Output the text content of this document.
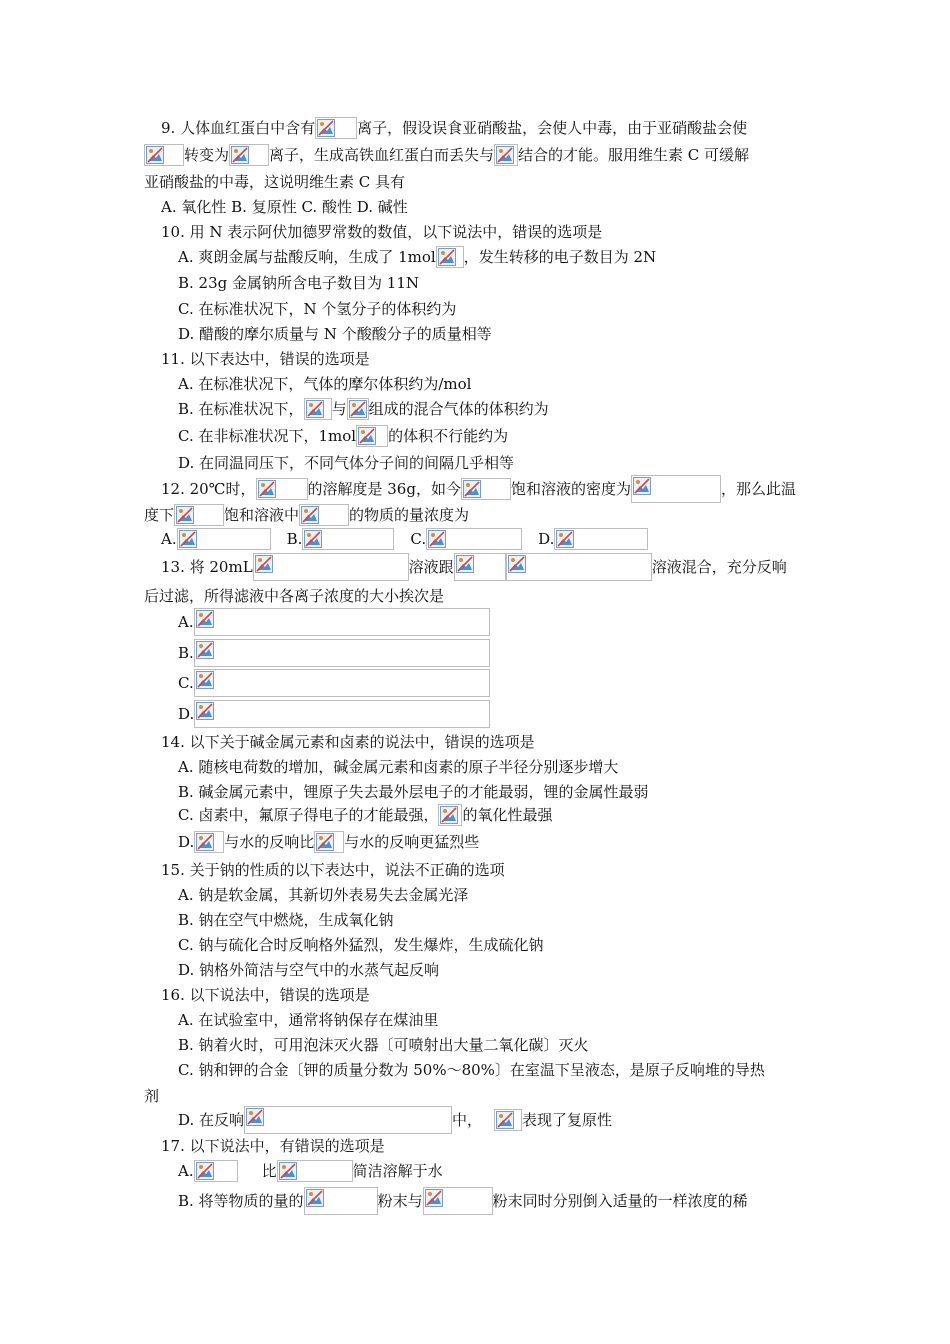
9. 人体血红蛋白中含有	离子，假设误食亚硝酸盐，会使人中毒，由于亚硝酸盐会使
转变为	离子，生成高铁血红蛋白而丢失与 结合的才能。服用维生素 C 可缓解
亚硝酸盐的中毒，这说明维生素 C 具有
A. 氧化性 B. 复原性 C. 酸性 D. 碱性
10. 用 N 表示阿伏加德罗常数的数值，以下说法中，错误的选项是
A. 爽朗金属与盐酸反响，生成了 1mol ，发生转移的电子数目为 2N
B. 23g 金属钠所含电子数目为 11N
C. 在标准状况下，N 个氢分子的体积约为
D. 醋酸的摩尔质量与 N 个酸酸分子的质量相等
11. 以下表达中，错误的选项是
A. 在标准状况下，气体的摩尔体积约为/mol
B. 在标准状况下， 与 组成的混合气体的体积约为
C. 在非标准状况下，1mol 的体积不行能约为
D. 在同温同压下，不同气体分子间的间隔几乎相等
12. 20℃时，	的溶解度是 36g，如今	饱和溶液的密度为	，那么此温
度下	饱和溶液中	的物质的量浓度为
A.	B.	C.	D.
13. 将 20mL	溶液跟	溶液混合，充分反响
后过滤，所得滤液中各离子浓度的大小挨次是
A.
B.
C.
D.
14. 以下关于碱金属元素和卤素的说法中，错误的选项是
A. 随核电荷数的增加，碱金属元素和卤素的原子半径分别逐步增大
B. 碱金属元素中，锂原子失去最外层电子的才能最弱，锂的金属性最弱
C. 卤素中，氟原子得电子的才能最强， 的氧化性最强
D. 与水的反响比 与水的反响更猛烈些
15. 关于钠的性质的以下表达中，说法不正确的选项
A. 钠是软金属，其新切外表易失去金属光泽
B. 钠在空气中燃烧，生成氧化钠
C. 钠与硫化合时反响格外猛烈，发生爆炸，生成硫化钠
D. 钠格外简洁与空气中的水蒸气起反响
16. 以下说法中，错误的选项是
A. 在试验室中，通常将钠保存在煤油里
B. 钠着火时，可用泡沫灭火器〔可喷射出大量二氧化碳〕灭火
C. 钠和钾的合金〔钾的质量分数为 50%～80%〕在室温下呈液态，是原子反响堆的导热
剂
D. 在反响	中，	表现了复原性
17. 以下说法中，有错误的选项是
A.	比	简洁溶解于水
B. 将等物质的量的	粉末与	粉末同时分别倒入适量的一样浓度的稀
